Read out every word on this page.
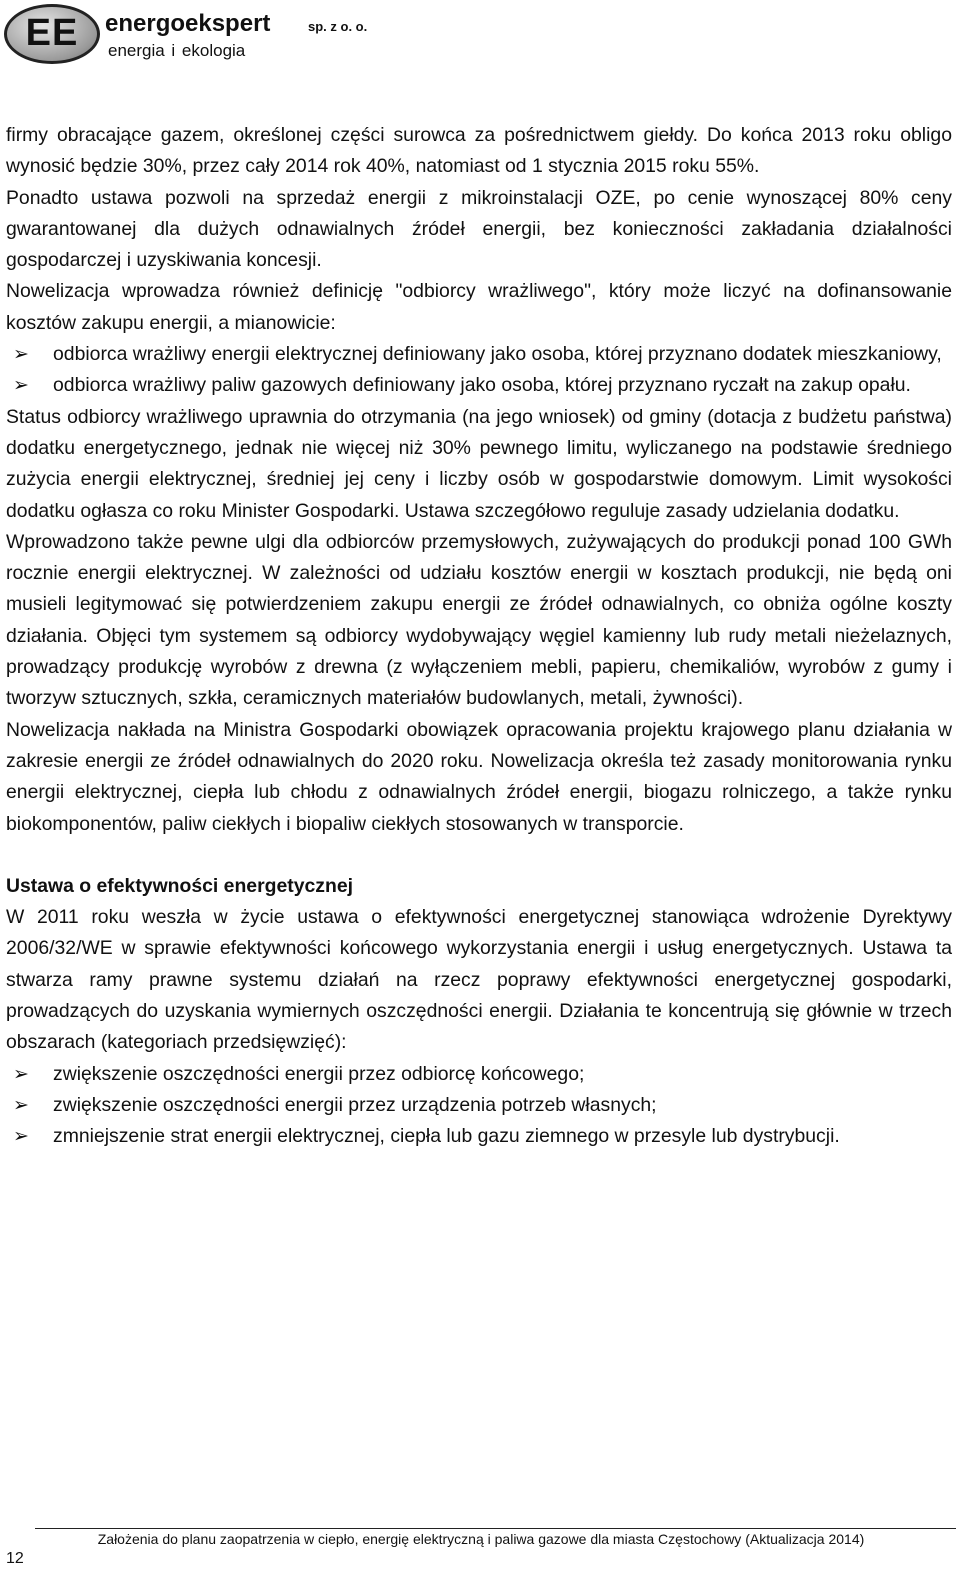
EE	energoekspert	sp. z o. o.
energia i ekologia

firmy obracające gazem, określonej części surowca za pośrednictwem giełdy. Do końca 2013 roku obligo wynosić będzie 30%, przez cały 2014 rok 40%, natomiast od 1 stycznia 2015 roku 55%.

Ponadto ustawa pozwoli na sprzedaż energii z mikroinstalacji OZE, po cenie wynoszącej 80% ceny gwarantowanej dla dużych odnawialnych źródeł energii, bez konieczności zakładania działalności gospodarczej i uzyskiwania koncesji.

Nowelizacja wprowadza również definicję "odbiorcy wrażliwego", który może liczyć na dofinansowanie kosztów zakupu energii, a mianowicie:

➢ odbiorca wrażliwy energii elektrycznej definiowany jako osoba, której przyznano dodatek mieszkaniowy,
➢ odbiorca wrażliwy paliw gazowych definiowany jako osoba, której przyznano ryczałt na zakup opału.

Status odbiorcy wrażliwego uprawnia do otrzymania (na jego wniosek) od gminy (dotacja z budżetu państwa) dodatku energetycznego, jednak nie więcej niż 30% pewnego limitu, wyliczanego na podstawie średniego zużycia energii elektrycznej, średniej jej ceny i liczby osób w gospodarstwie domowym. Limit wysokości dodatku ogłasza co roku Minister Gospodarki. Ustawa szczegółowo reguluje zasady udzielania dodatku.

Wprowadzono także pewne ulgi dla odbiorców przemysłowych, zużywających do produkcji ponad 100 GWh rocznie energii elektrycznej. W zależności od udziału kosztów energii w kosztach produkcji, nie będą oni musieli legitymować się potwierdzeniem zakupu energii ze źródeł odnawialnych, co obniża ogólne koszty działania. Objęci tym systemem są odbiorcy wydobywający węgiel kamienny lub rudy metali nieżelaznych, prowadzący produkcję wyrobów z drewna (z wyłączeniem mebli, papieru, chemikaliów, wyrobów z gumy i tworzyw sztucznych, szkła, ceramicznych materiałów budowlanych, metali, żywności).

Nowelizacja nakłada na Ministra Gospodarki obowiązek opracowania projektu krajowego planu działania w zakresie energii ze źródeł odnawialnych do 2020 roku. Nowelizacja określa też zasady monitorowania rynku energii elektrycznej, ciepła lub chłodu z odnawialnych źródeł energii, biogazu rolniczego, a także rynku biokomponentów, paliw ciekłych i biopaliw ciekłych stosowanych w transporcie.

Ustawa o efektywności energetycznej

W 2011 roku weszła w życie ustawa o efektywności energetycznej stanowiąca wdrożenie Dyrektywy 2006/32/WE w sprawie efektywności końcowego wykorzystania energii i usług energetycznych. Ustawa ta stwarza ramy prawne systemu działań na rzecz poprawy efektywności energetycznej gospodarki, prowadzących do uzyskania wymiernych oszczędności energii. Działania te koncentrują się głównie w trzech obszarach (kategoriach przedsięwzięć):

➢ zwiększenie oszczędności energii przez odbiorcę końcowego;
➢ zwiększenie oszczędności energii przez urządzenia potrzeb własnych;
➢ zmniejszenie strat energii elektrycznej, ciepła lub gazu ziemnego w przesyle lub dystrybucji.
Założenia do planu zaopatrzenia w ciepło, energię elektryczną i paliwa gazowe dla miasta Częstochowy (Aktualizacja 2014)
12
